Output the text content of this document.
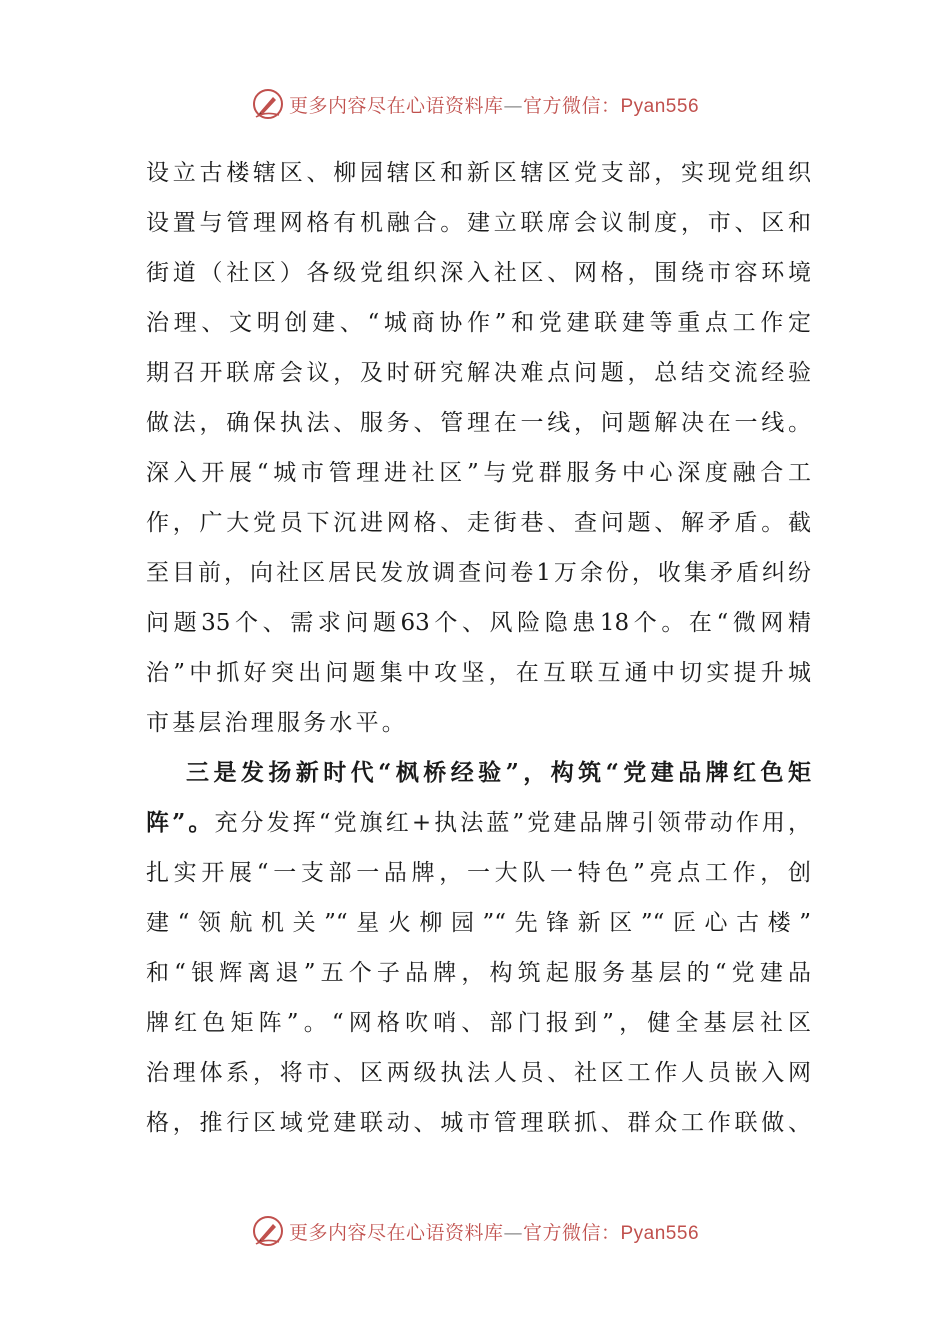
更多内容尽在心语资料库—官方微信：Pyan556
设立古楼辖区、柳园辖区和新区辖区党支部，实现党组织
设置与管理网格有机融合。建立联席会议制度，市、区和
街道（社区）各级党组织深入社区、网格，围绕市容环境
治理、文明创建、“城商协作”和党建联建等重点工作定
期召开联席会议，及时研究解决难点问题，总结交流经验
做法，确保执法、服务、管理在一线，问题解决在一线。
深入开展“城市管理进社区”与党群服务中心深度融合工
作，广大党员下沉进网格、走街巷、查问题、解矛盾。截
至目前，向社区居民发放调查问卷1万余份，收集矛盾纠纷
问题35个、需求问题63个、风险隐患18个。在“微网精
治”中抓好突出问题集中攻坚，在互联互通中切实提升城
市基层治理服务水平。
三是发扬新时代“枫桥经验”，构筑“党建品牌红色矩
阵”。充分发挥“党旗红+执法蓝”党建品牌引领带动作用，
扎实开展“一支部一品牌，一大队一特色”亮点工作，创
建“领航机关”“星火柳园”“先锋新区”“匠心古楼”
和“银辉离退”五个子品牌，构筑起服务基层的“党建品
牌红色矩阵”。“网格吹哨、部门报到”，健全基层社区
治理体系，将市、区两级执法人员、社区工作人员嵌入网
格，推行区域党建联动、城市管理联抓、群众工作联做、
更多内容尽在心语资料库—官方微信：Pyan556
